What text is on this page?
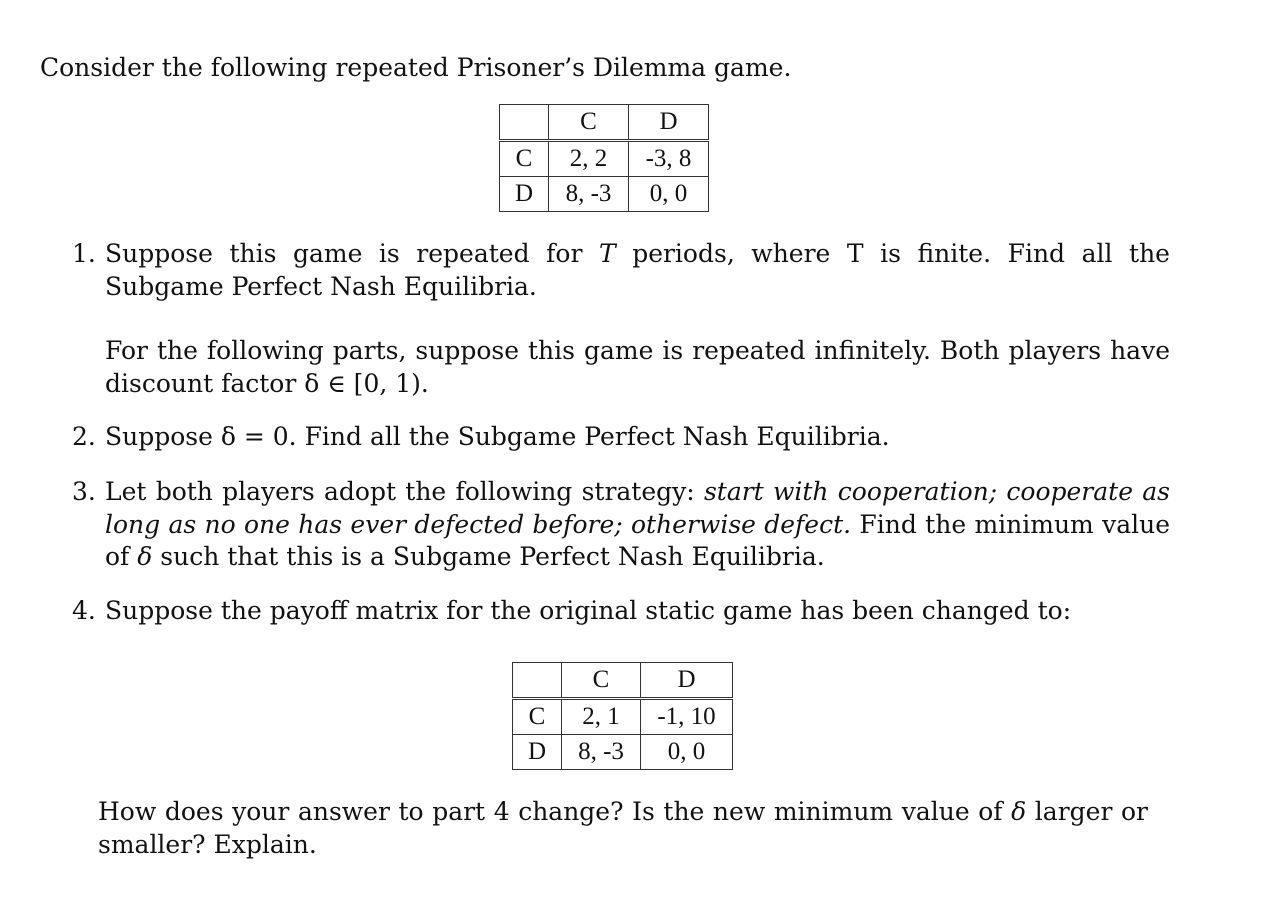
Consider the following repeated Prisoner’s Dilemma game.
	C	D
C	2, 2	-3, 8
D	8, -3	0, 0
1. Suppose this game is repeated for T periods, where T is finite. Find all the Subgame Perfect Nash Equilibria.
For the following parts, suppose this game is repeated infinitely. Both players have discount factor δ ∈ [0, 1).
2. Suppose δ = 0. Find all the Subgame Perfect Nash Equilibria.
3. Let both players adopt the following strategy: start with cooperation; cooperate as long as no one has ever defected before; otherwise defect. Find the minimum value of δ such that this is a Subgame Perfect Nash Equilibria.
4. Suppose the payoff matrix for the original static game has been changed to:
	C	D
C	2, 1	-1, 10
D	8, -3	0, 0
How does your answer to part 4 change? Is the new minimum value of δ larger or smaller? Explain.
